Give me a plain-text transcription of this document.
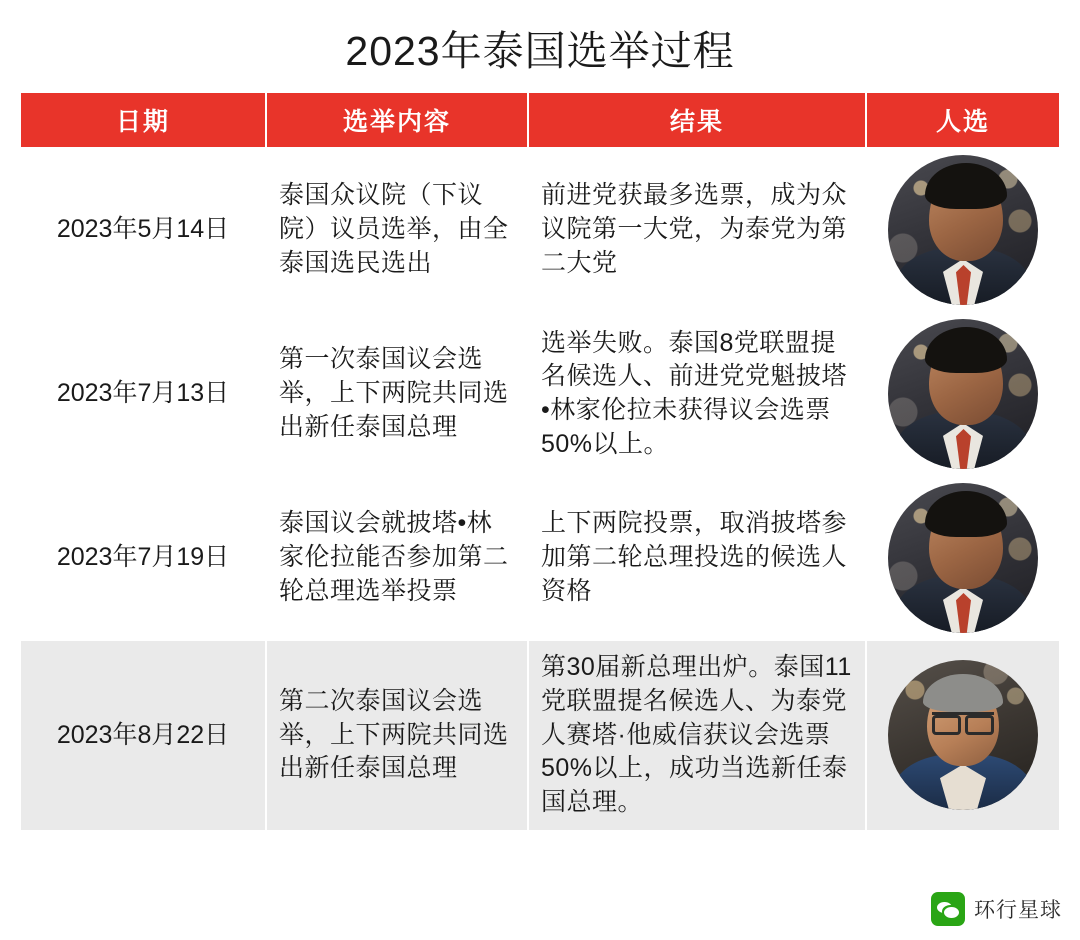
2023年泰国选举过程
日期	选举内容	结果	人选
2023年5月14日	泰国众议院（下议院）议员选举，由全泰国选民选出	前进党获最多选票，成为众议院第一大党，为泰党为第二大党	

2023年7月13日	第一次泰国议会选举，上下两院共同选出新任泰国总理	选举失败。泰国8党联盟提名候选人、前进党党魁披塔•林家伦拉未获得议会选票50%以上。	

2023年7月19日	泰国议会就披塔•林家伦拉能否参加第二轮总理选举投票	上下两院投票，取消披塔参加第二轮总理投选的候选人资格	

2023年8月22日	第二次泰国议会选举，上下两院共同选出新任泰国总理	第30届新总理出炉。泰国11党联盟提名候选人、为泰党人赛塔·他威信获议会选票50%以上，成功当选新任泰国总理。	
环行星球
